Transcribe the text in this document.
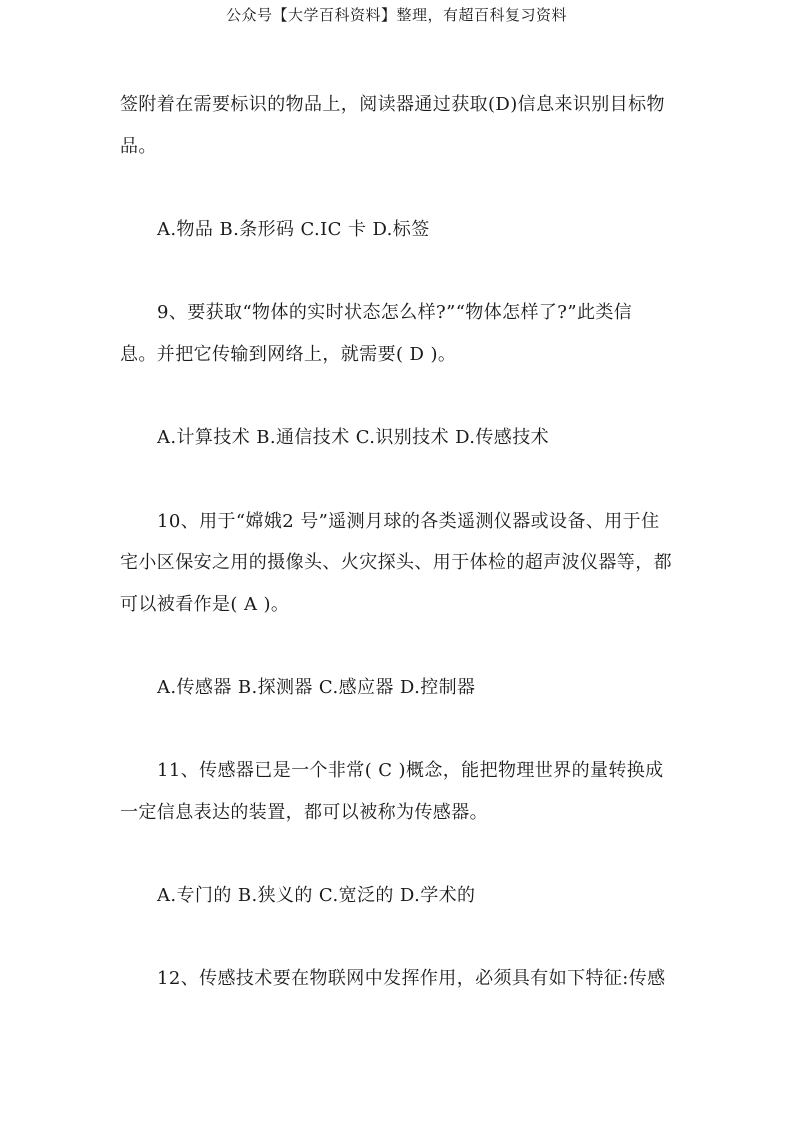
公众号【大学百科资料】整理，有超百科复习资料
签附着在需要标识的物品上，阅读器通过获取(D)信息来识别目标物
品。
A.物品 B.条形码 C.IC 卡 D.标签
9、要获取“物体的实时状态怎么样?”“物体怎样了?”此类信
息。并把它传输到网络上，就需要( D )。
A.计算技术 B.通信技术 C.识别技术 D.传感技术
10、用于“嫦娥2 号”遥测月球的各类遥测仪器或设备、用于住
宅小区保安之用的摄像头、火灾探头、用于体检的超声波仪器等，都
可以被看作是( A )。
A.传感器 B.探测器 C.感应器 D.控制器
11、传感器已是一个非常( C )概念，能把物理世界的量转换成
一定信息表达的装置，都可以被称为传感器。
A.专门的 B.狭义的 C.宽泛的 D.学术的
12、传感技术要在物联网中发挥作用，必须具有如下特征:传感
